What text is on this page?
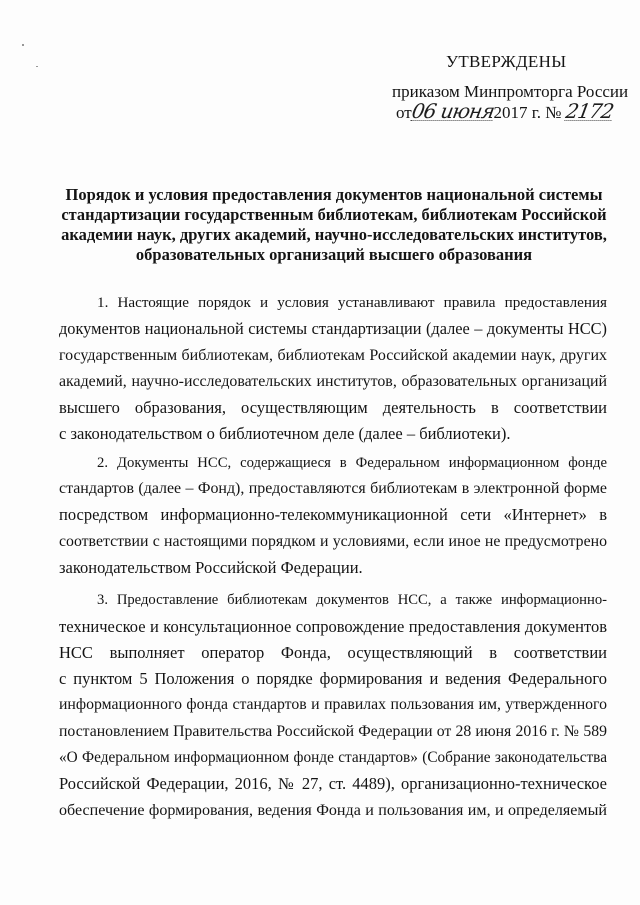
УТВЕРЖДЕНЫ
приказом Минпромторга России
от06 июня2017 г. № 2172
Порядок и условия предоставления документов национальной системы
стандартизации государственным библиотекам, библиотекам Российской
академии наук, других академий, научно-исследовательских институтов,
образовательных организаций высшего образования
1. Настоящие порядок и условия устанавливают правила предоставления
документов национальной системы стандартизации (далее – документы НСС)
государственным библиотекам, библиотекам Российской академии наук, других
академий, научно-исследовательских институтов, образовательных организаций
высшего образования, осуществляющим деятельность в соответствии
с законодательством о библиотечном деле (далее – библиотеки).
2. Документы НСС, содержащиеся в Федеральном информационном фонде
стандартов (далее – Фонд), предоставляются библиотекам в электронной форме
посредством информационно-телекоммуникационной сети «Интернет» в
соответствии с настоящими порядком и условиями, если иное не предусмотрено
законодательством Российской Федерации.
3. Предоставление библиотекам документов НСС, а также информационно-
техническое и консультационное сопровождение предоставления документов
НСС выполняет оператор Фонда, осуществляющий в соответствии
с пунктом 5 Положения о порядке формирования и ведения Федерального
информационного фонда стандартов и правилах пользования им, утвержденного
постановлением Правительства Российской Федерации от 28 июня 2016 г. № 589
«О Федеральном информационном фонде стандартов» (Собрание законодательства
Российской Федерации, 2016, № 27, ст. 4489), организационно-техническое
обеспечение формирования, ведения Фонда и пользования им, и определяемый
